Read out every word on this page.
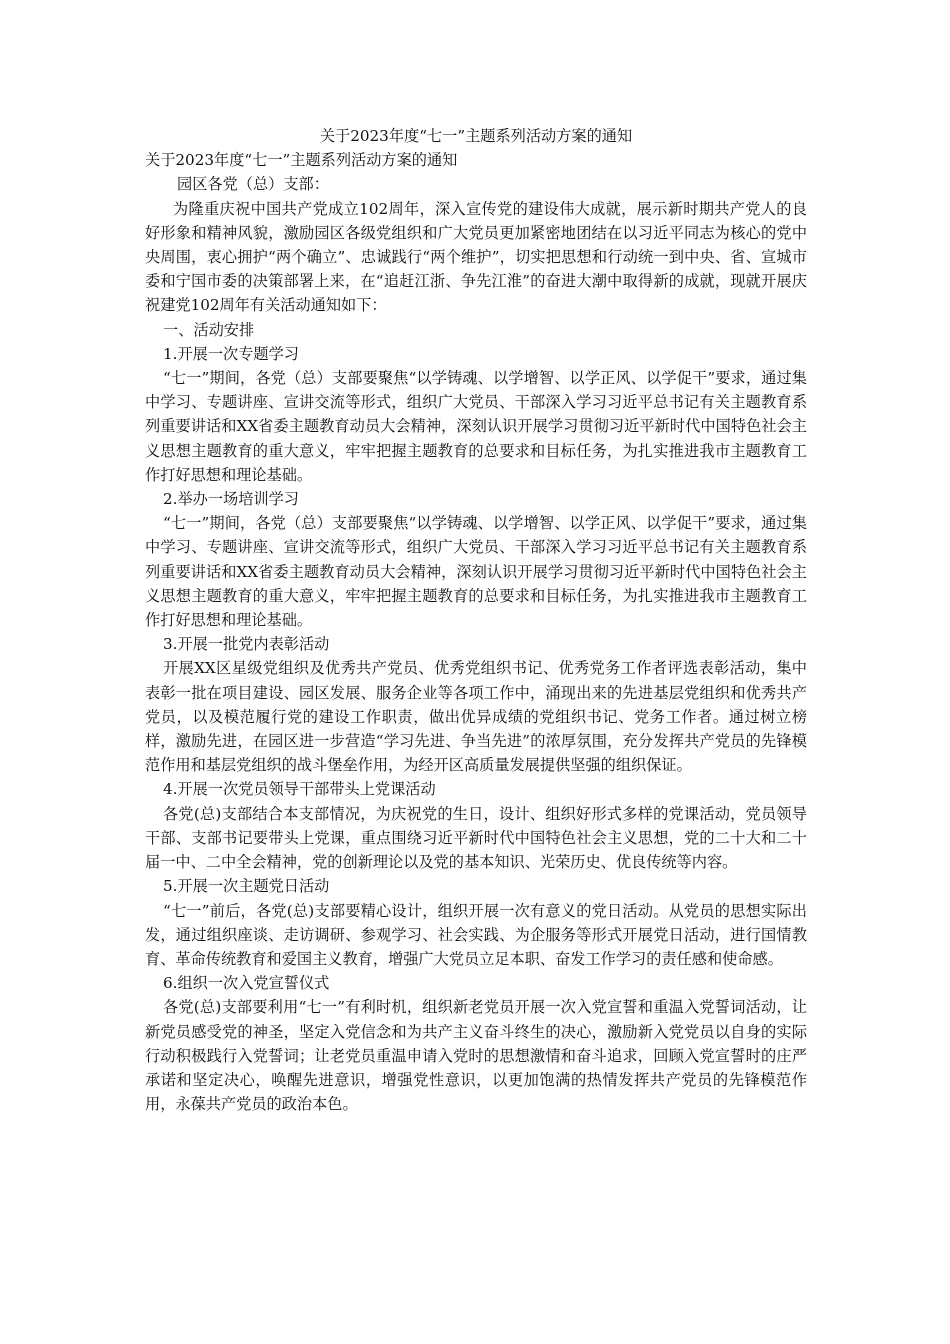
关于2023年度“七一”主题系列活动方案的通知

关于2023年度“七一”主题系列活动方案的通知

园区各党（总）支部：

为隆重庆祝中国共产党成立102周年，深入宣传党的建设伟大成就，展示新时期共产党人的良好形象和精神风貌，激励园区各级党组织和广大党员更加紧密地团结在以习近平同志为核心的党中央周围，衷心拥护“两个确立”、忠诚践行“两个维护”，切实把思想和行动统一到中央、省、宣城市委和宁国市委的决策部署上来，在“追赶江浙、争先江淮”的奋进大潮中取得新的成就，现就开展庆祝建党102周年有关活动通知如下：

一、活动安排

1.开展一次专题学习

“七一”期间，各党（总）支部要聚焦“以学铸魂、以学增智、以学正风、以学促干”要求，通过集中学习、专题讲座、宣讲交流等形式，组织广大党员、干部深入学习习近平总书记有关主题教育系列重要讲话和XX省委主题教育动员大会精神，深刻认识开展学习贯彻习近平新时代中国特色社会主义思想主题教育的重大意义，牢牢把握主题教育的总要求和目标任务，为扎实推进我市主题教育工作打好思想和理论基础。

2.举办一场培训学习

“七一”期间，各党（总）支部要聚焦“以学铸魂、以学增智、以学正风、以学促干”要求，通过集中学习、专题讲座、宣讲交流等形式，组织广大党员、干部深入学习习近平总书记有关主题教育系列重要讲话和XX省委主题教育动员大会精神，深刻认识开展学习贯彻习近平新时代中国特色社会主义思想主题教育的重大意义，牢牢把握主题教育的总要求和目标任务，为扎实推进我市主题教育工作打好思想和理论基础。

3.开展一批党内表彰活动

开展XX区星级党组织及优秀共产党员、优秀党组织书记、优秀党务工作者评选表彰活动，集中表彰一批在项目建设、园区发展、服务企业等各项工作中，涌现出来的先进基层党组织和优秀共产党员，以及模范履行党的建设工作职责，做出优异成绩的党组织书记、党务工作者。通过树立榜样，激励先进，在园区进一步营造“学习先进、争当先进”的浓厚氛围，充分发挥共产党员的先锋模范作用和基层党组织的战斗堡垒作用，为经开区高质量发展提供坚强的组织保证。

4.开展一次党员领导干部带头上党课活动

各党(总)支部结合本支部情况，为庆祝党的生日，设计、组织好形式多样的党课活动，党员领导干部、支部书记要带头上党课，重点围绕习近平新时代中国特色社会主义思想，党的二十大和二十届一中、二中全会精神，党的创新理论以及党的基本知识、光荣历史、优良传统等内容。

5.开展一次主题党日活动

“七一”前后，各党(总)支部要精心设计，组织开展一次有意义的党日活动。从党员的思想实际出发，通过组织座谈、走访调研、参观学习、社会实践、为企服务等形式开展党日活动，进行国情教育、革命传统教育和爱国主义教育，增强广大党员立足本职、奋发工作学习的责任感和使命感。

6.组织一次入党宣誓仪式

各党(总)支部要利用“七一”有利时机，组织新老党员开展一次入党宣誓和重温入党誓词活动，让新党员感受党的神圣，坚定入党信念和为共产主义奋斗终生的决心，激励新入党党员以自身的实际行动积极践行入党誓词；让老党员重温申请入党时的思想激情和奋斗追求，回顾入党宣誓时的庄严承诺和坚定决心，唤醒先进意识，增强党性意识，以更加饱满的热情发挥共产党员的先锋模范作用，永葆共产党员的政治本色。
